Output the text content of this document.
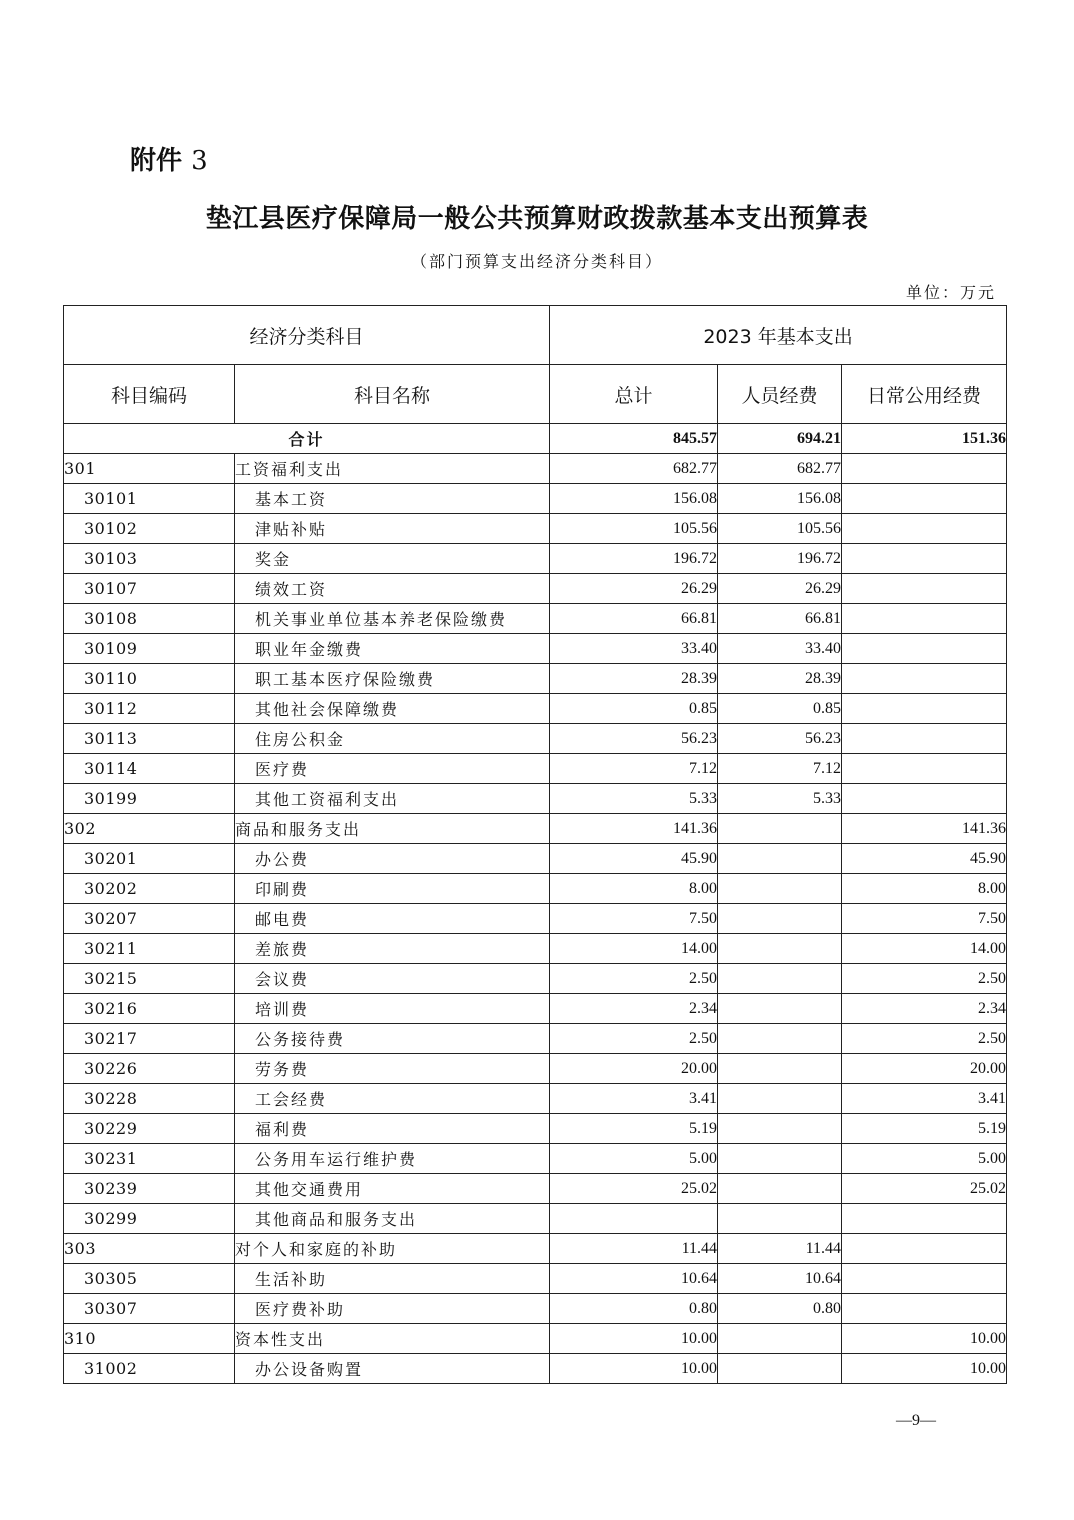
附件 3
垫江县医疗保障局一般公共预算财政拨款基本支出预算表
（部门预算支出经济分类科目）
单位：万元
经济分类科目		2023 年基本支出		
科目编码	科目名称	总计	人员经费	日常公用经费
合计		845.57	694.21	151.36
301	工资福利支出	682.77	682.77	
30101	基本工资	156.08	156.08	
30102	津贴补贴	105.56	105.56	
30103	奖金	196.72	196.72	
30107	绩效工资	26.29	26.29	
30108	机关事业单位基本养老保险缴费	66.81	66.81	
30109	职业年金缴费	33.40	33.40	
30110	职工基本医疗保险缴费	28.39	28.39	
30112	其他社会保障缴费	0.85	0.85	
30113	住房公积金	56.23	56.23	
30114	医疗费	7.12	7.12	
30199	其他工资福利支出	5.33	5.33	
302	商品和服务支出	141.36		141.36
30201	办公费	45.90		45.90
30202	印刷费	8.00		8.00
30207	邮电费	7.50		7.50
30211	差旅费	14.00		14.00
30215	会议费	2.50		2.50
30216	培训费	2.34		2.34
30217	公务接待费	2.50		2.50
30226	劳务费	20.00		20.00
30228	工会经费	3.41		3.41
30229	福利费	5.19		5.19
30231	公务用车运行维护费	5.00		5.00
30239	其他交通费用	25.02		25.02
30299	其他商品和服务支出			
303	对个人和家庭的补助	11.44	11.44	
30305	生活补助	10.64	10.64	
30307	医疗费补助	0.80	0.80	
310	资本性支出	10.00		10.00
31002	办公设备购置	10.00		10.00
—9—
